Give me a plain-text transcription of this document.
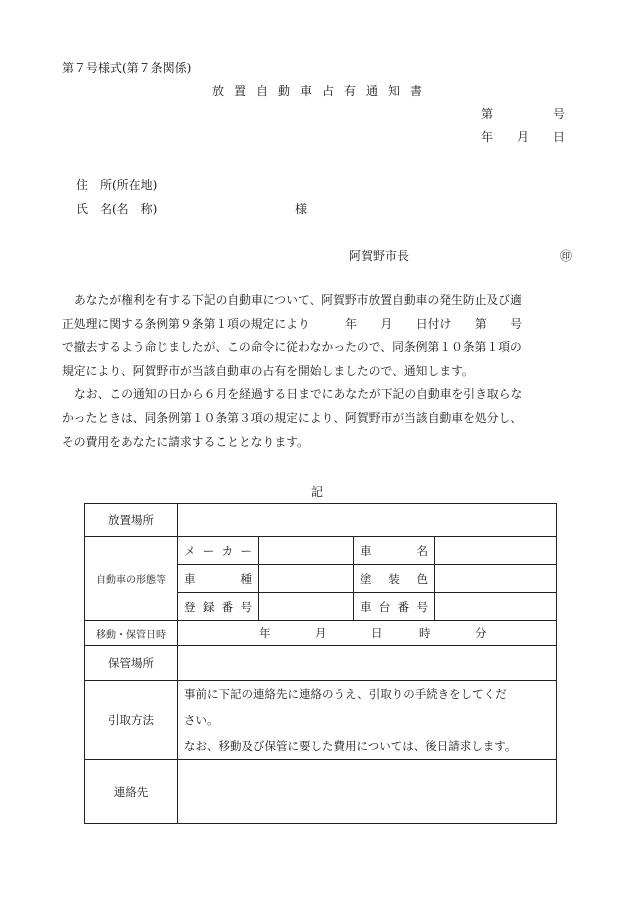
第７号様式(第７条関係)
放置自動車占有通知書
第　　　　　号
年　　月　　日
住　所(所在地)
氏　名(名　称)	様
阿賀野市長	㊞

あなたが権利を有する下記の自動車について、阿賀野市放置自動車の発生防止及び適
正処理に関する条例第９条第１項の規定により　　　年　　月　　日付け　　第　　号
で撤去するよう命じましたが、この命令に従わなかったので、同条例第１０条第１項の
規定により、阿賀野市が当該自動車の占有を開始しましたので、通知します。

なお、この通知の日から６月を経過する日までにあなたが下記の自動車を引き取らな
かったときは、同条例第１０条第３項の規定により、阿賀野市が当該自動車を処分し、
その費用をあなたに請求することとなります。

記
放置場所				
自動車の形態等	メーカー		車名	
	車種		塗装色	
	登録番号		車台番号	
移動・保管日時	年 月 日 時 分			
保管場所				
引取方法	事前に下記の連絡先に連絡のうえ、引取りの手続きをしてくだ
さい。
なお、移動及び保管に要した費用については、後日請求します。			

連絡先				
